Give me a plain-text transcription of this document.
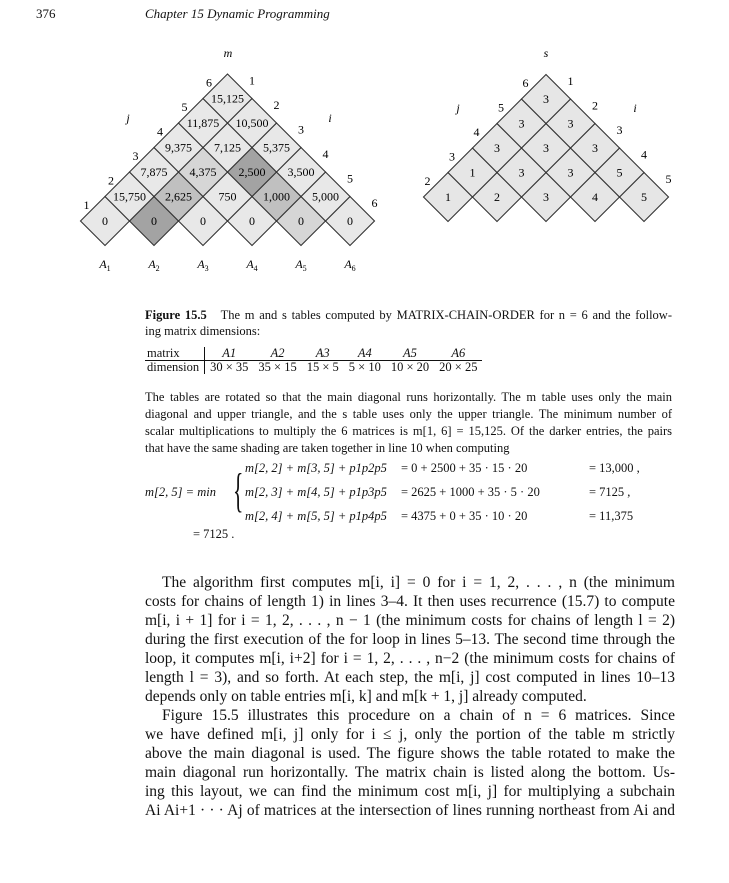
376	Chapter 15 Dynamic Programming
0	0	0	0	0	0
15,750 2,625 750 1,000 5,000
7,875 4,375 2,500 3,500
9,375 7,125 5,375
11,875 10,500
15,125
1
2
3
4
5
6	1
2
3
4
5
6
m
j	i
$A_1$	$A_2$	$A_3$	$A_4$	$A_5$	$A_6$
1	2	3	4	5
1	3	3	5
3	3	3
3	3
3
2
3
4
5
6	1
2
3
4
5
s
j	i
Figure 15.5 The m and s tables computed by MATRIX-CHAIN-ORDER for n = 6 and the follow-
ing matrix dimensions:
matrix	A1	A2	A3	A4	A5	A6
dimension	30 × 35	35 × 15	15 × 5	5 × 10	10 × 20	20 × 25
The tables are rotated so that the main diagonal runs horizontally. The m table uses only the main
diagonal and upper triangle, and the s table uses only the upper triangle. The minimum number of
scalar multiplications to multiply the 6 matrices is m[1, 6] = 15,125. Of the darker entries, the pairs
that have the same shading are taken together in line 10 when computing
m[2, 5] = min { m[2, 2] + m[3, 5] + p1p2p5 = 0 + 2500 + 35 · 15 · 20	= 13,000 ,
m[2, 3] + m[4, 5] + p1p3p5 = 2625 + 1000 + 35 · 5 · 20	= 7125 ,
m[2, 4] + m[5, 5] + p1p4p5 = 4375 + 0 + 35 · 10 · 20	= 11,375
= 7125 .
The algorithm first computes m[i, i] = 0 for i = 1, 2, . . . , n (the minimum
costs for chains of length 1) in lines 3–4. It then uses recurrence (15.7) to compute
m[i, i + 1] for i = 1, 2, . . . , n − 1 (the minimum costs for chains of length l = 2)
during the first execution of the for loop in lines 5–13. The second time through the
loop, it computes m[i, i+2] for i = 1, 2, . . . , n−2 (the minimum costs for chains of
length l = 3), and so forth. At each step, the m[i, j] cost computed in lines 10–13
depends only on table entries m[i, k] and m[k + 1, j] already computed.
Figure 15.5 illustrates this procedure on a chain of n = 6 matrices. Since
we have defined m[i, j] only for i ≤ j, only the portion of the table m strictly
above the main diagonal is used. The figure shows the table rotated to make the
main diagonal run horizontally. The matrix chain is listed along the bottom. Us-
ing this layout, we can find the minimum cost m[i, j] for multiplying a subchain
Ai Ai+1 · · · Aj of matrices at the intersection of lines running northeast from Ai and
